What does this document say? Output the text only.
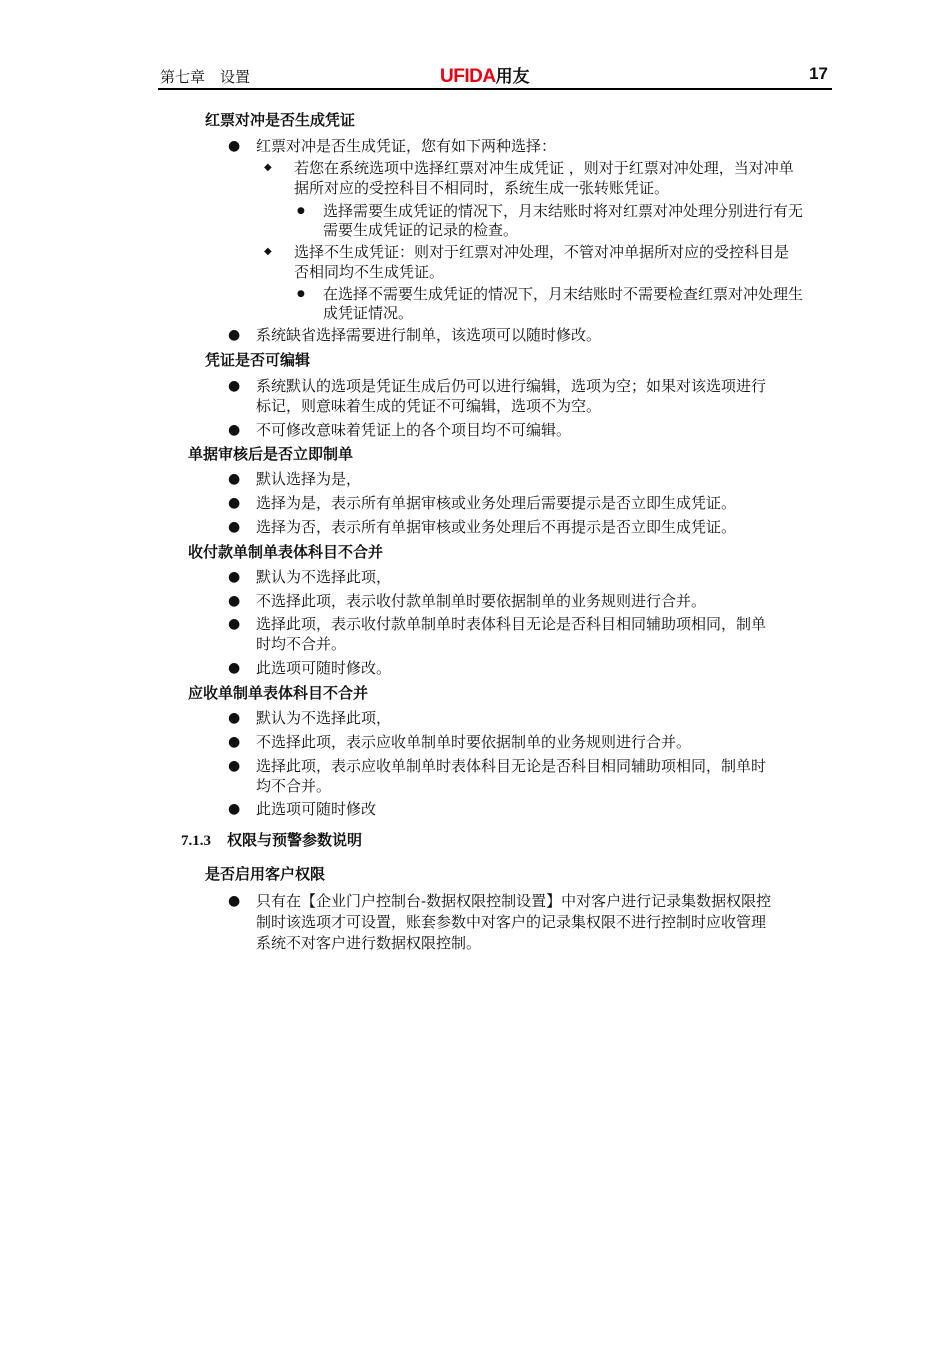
第七章　设置	UFIDA用友	17
红票对冲是否生成凭证
● 红票对冲是否生成凭证，您有如下两种选择：
◆ 若您在系统选项中选择红票对冲生成凭证 ，则对于红票对冲处理，当对冲单
据所对应的受控科目不相同时，系统生成一张转账凭证。
● 选择需要生成凭证的情况下，月末结账时将对红票对冲处理分别进行有无
需要生成凭证的记录的检查。
◆ 选择不生成凭证：则对于红票对冲处理，不管对冲单据所对应的受控科目是
否相同均不生成凭证。
● 在选择不需要生成凭证的情况下，月末结账时不需要检查红票对冲处理生
成凭证情况。
● 系统缺省选择需要进行制单，该选项可以随时修改。
凭证是否可编辑
● 系统默认的选项是凭证生成后仍可以进行编辑，选项为空；如果对该选项进行
标记，则意味着生成的凭证不可编辑，选项不为空。
● 不可修改意味着凭证上的各个项目均不可编辑。
单据审核后是否立即制单
● 默认选择为是，
● 选择为是，表示所有单据审核或业务处理后需要提示是否立即生成凭证。
● 选择为否，表示所有单据审核或业务处理后不再提示是否立即生成凭证。
收付款单制单表体科目不合并
● 默认为不选择此项，
● 不选择此项，表示收付款单制单时要依据制单的业务规则进行合并。
● 选择此项，表示收付款单制单时表体科目无论是否科目相同辅助项相同，制单
时均不合并。
● 此选项可随时修改。
应收单制单表体科目不合并
● 默认为不选择此项，
● 不选择此项，表示应收单制单时要依据制单的业务规则进行合并。
● 选择此项，表示应收单制单时表体科目无论是否科目相同辅助项相同，制单时
均不合并。
● 此选项可随时修改
7.1.3 权限与预警参数说明
是否启用客户权限
● 只有在【企业门户控制台-数据权限控制设置】中对客户进行记录集数据权限控
制时该选项才可设置，账套参数中对客户的记录集权限不进行控制时应收管理
系统不对客户进行数据权限控制。
